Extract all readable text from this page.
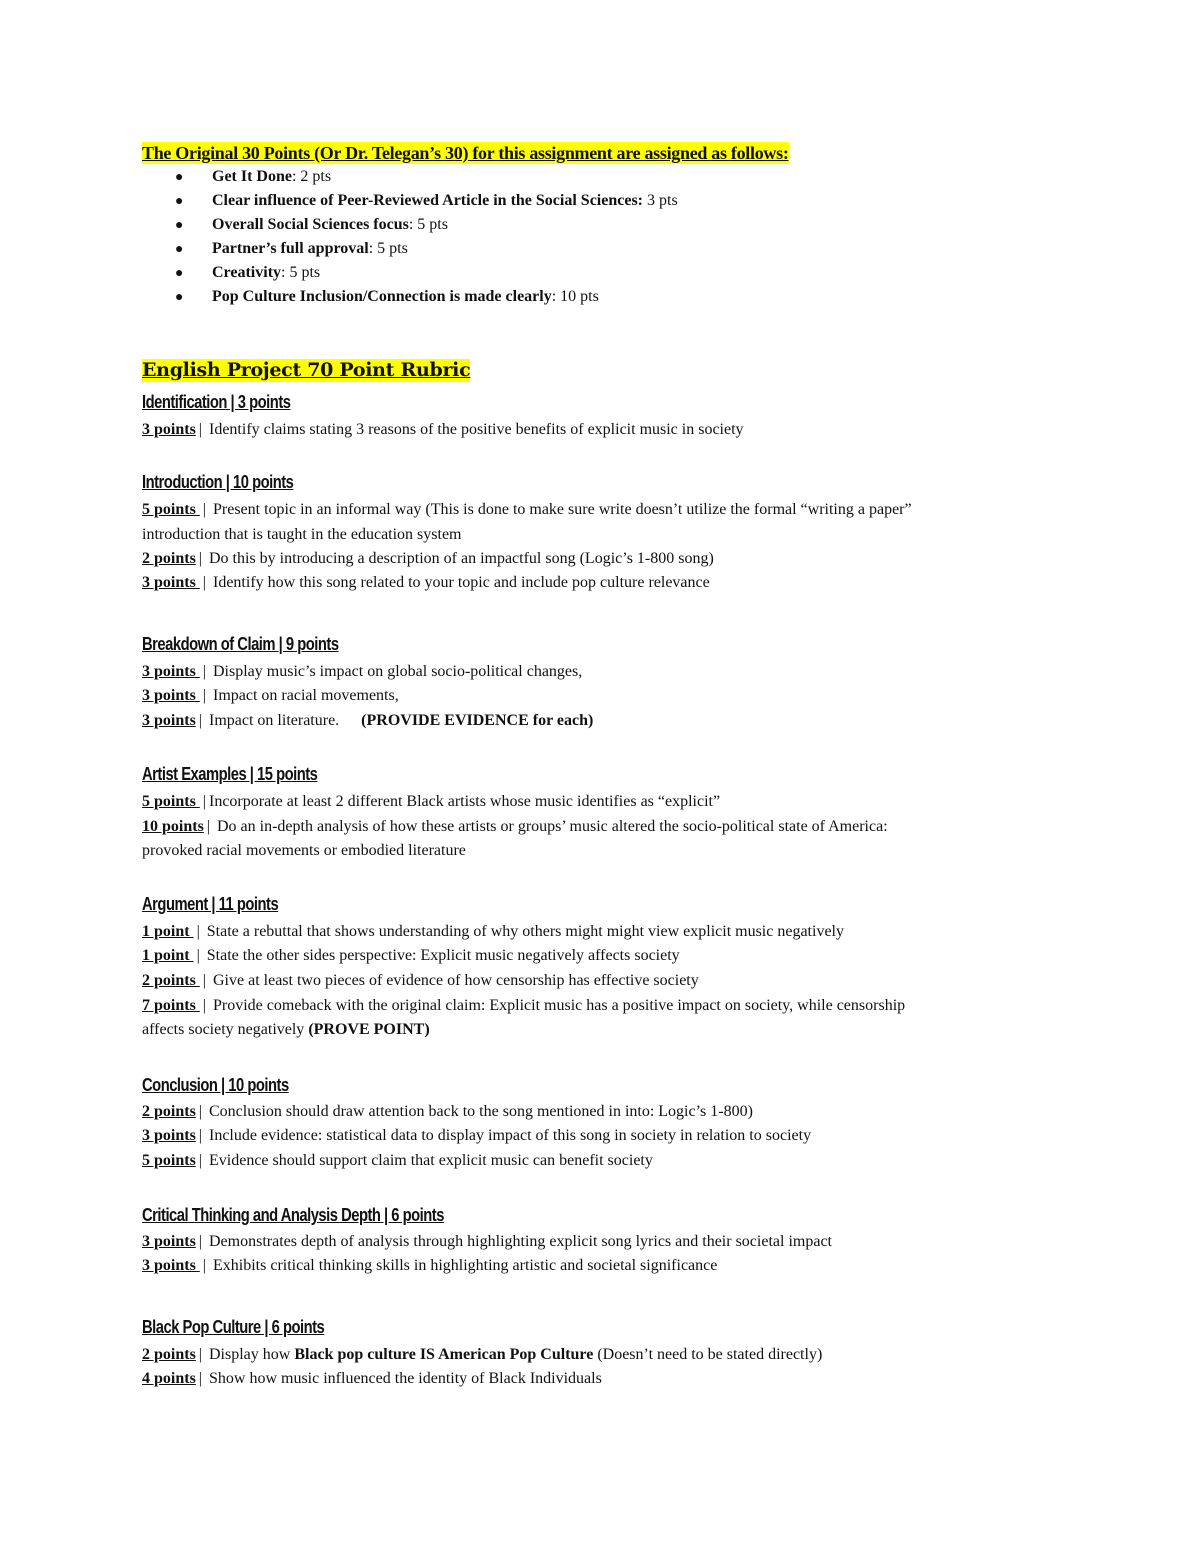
The Original 30 Points (Or Dr. Telegan’s 30) for this assignment are assigned as follows:
● Get It Done: 2 pts
● Clear influence of Peer-Reviewed Article in the Social Sciences: 3 pts
● Overall Social Sciences focus: 5 pts
● Partner’s full approval: 5 pts
● Creativity: 5 pts
● Pop Culture Inclusion/Connection is made clearly: 10 pts
English Project 70 Point Rubric
Identification | 3 points
3 points | Identify claims stating 3 reasons of the positive benefits of explicit music in society
Introduction | 10 points
5 points | Present topic in an informal way (This is done to make sure write doesn’t utilize the formal “writing a paper”
introduction that is taught in the education system
2 points | Do this by introducing a description of an impactful song (Logic’s 1-800 song)
3 points | Identify how this song related to your topic and include pop culture relevance
Breakdown of Claim | 9 points
3 points | Display music’s impact on global socio-political changes,
3 points | Impact on racial movements,
3 points | Impact on literature. (PROVIDE EVIDENCE for each)
Artist Examples | 15 points
5 points | Incorporate at least 2 different Black artists whose music identifies as “explicit”
10 points | Do an in-depth analysis of how these artists or groups’ music altered the socio-political state of America:
provoked racial movements or embodied literature
Argument | 11 points
1 point | State a rebuttal that shows understanding of why others might might view explicit music negatively
1 point | State the other sides perspective: Explicit music negatively affects society
2 points | Give at least two pieces of evidence of how censorship has effective society
7 points | Provide comeback with the original claim: Explicit music has a positive impact on society, while censorship
affects society negatively (PROVE POINT)
Conclusion | 10 points
2 points | Conclusion should draw attention back to the song mentioned in into: Logic’s 1-800)
3 points | Include evidence: statistical data to display impact of this song in society in relation to society
5 points | Evidence should support claim that explicit music can benefit society
Critical Thinking and Analysis Depth | 6 points
3 points | Demonstrates depth of analysis through highlighting explicit song lyrics and their societal impact
3 points | Exhibits critical thinking skills in highlighting artistic and societal significance
Black Pop Culture | 6 points
2 points | Display how Black pop culture IS American Pop Culture (Doesn’t need to be stated directly)
4 points | Show how music influenced the identity of Black Individuals
